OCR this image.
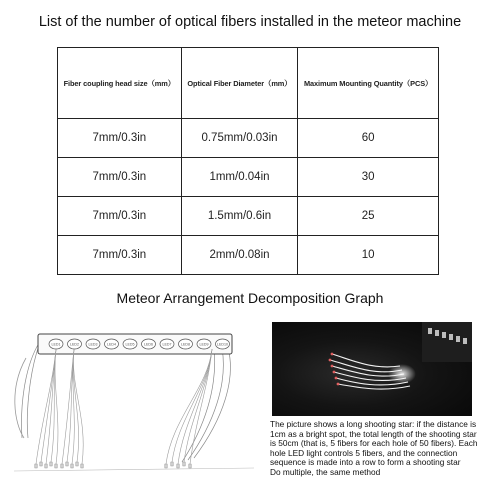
List of the number of optical fibers installed in the meteor machine
Fiber coupling head size（mm）	Optical Fiber Diameter（mm）	Maximum Mounting Quantity（PCS）
7mm/0.3in	0.75mm/0.03in	60
7mm/0.3in	1mm/0.04in	30
7mm/0.3in	1.5mm/0.6in	25
7mm/0.3in	2mm/0.08in	10
Meteor Arrangement Decomposition Graph
LED1	LED2	LED3	LED4	LED5	LED6	LED7	LED8	LED9 LED10
The picture shows a long shooting star: if the distance is
1cm as a bright spot, the total length of the shooting star
is 50cm (that is, 5 fibers for each hole of 50 fibers). Each
hole LED light controls 5 fibers, and the connection
sequence is made into a row to form a shooting star
Do multiple, the same method
